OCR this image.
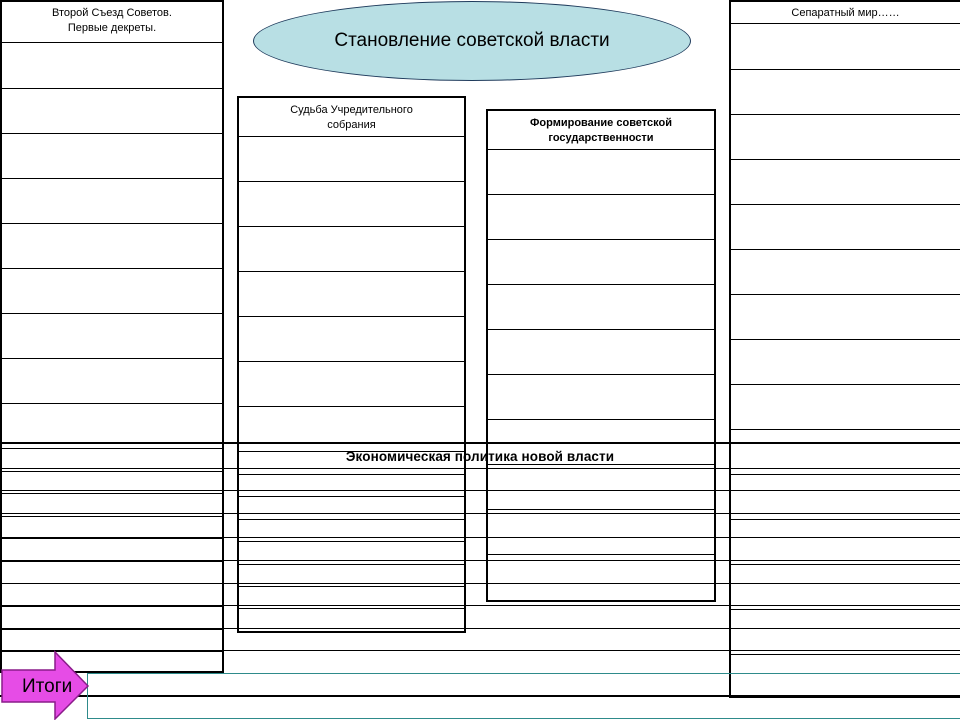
Становление советской власти
Второй Съезд Советов.
Первые декреты.
Судьба Учредительного
собрания	Формирование советской
государственности
Сепаратный мир……
Экономическая политика новой власти
Итоги
